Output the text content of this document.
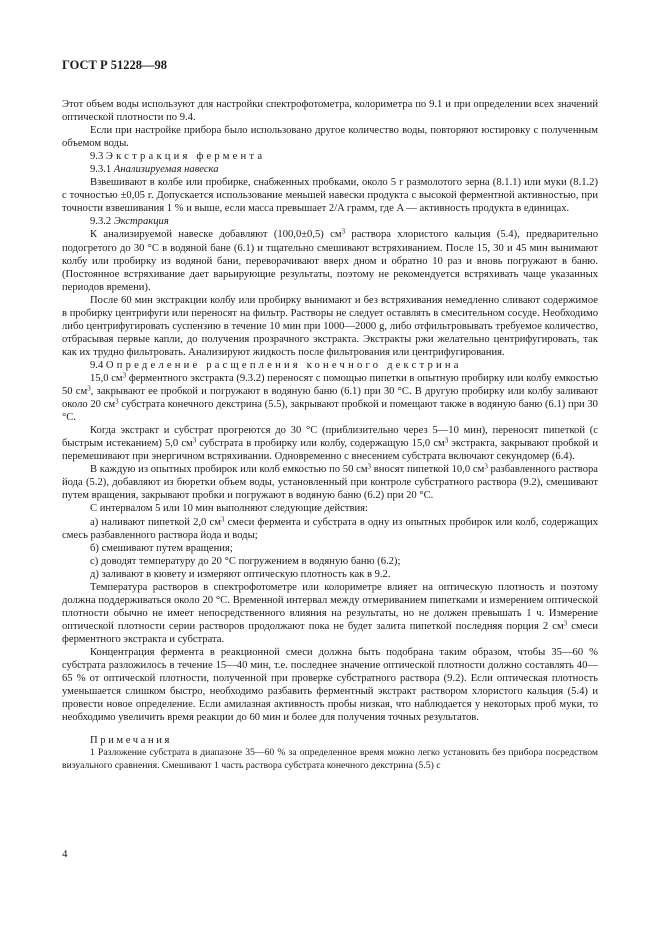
ГОСТ Р 51228—98

Этот объем воды используют для настройки спектрофотометра, колориметра по 9.1 и при определении всех значений оптической плотности по 9.4.

Если при настройке прибора было использовано другое количество воды, повторяют юстировку с полученным объемом воды.

9.3 Экстракция фермента

9.3.1 Анализируемая навеска

Взвешивают в колбе или пробирке, снабженных пробками, около 5 г размолотого зерна (8.1.1) или муки (8.1.2) с точностью ±0,05 г. Допускается использование меньшей навески продукта с высокой ферментной активностью, при точности взвешивания 1 % и выше, если масса превышает 2/A грамм, где A — активность продукта в единицах.

9.3.2 Экстракция

К анализируемой навеске добавляют (100,0±0,5) $см^3$ раствора хлористого кальция (5.4), предварительно подогретого до 30 °С в водяной бане (6.1) и тщательно смешивают встряхиванием. После 15, 30 и 45 мин вынимают колбу или пробирку из водяной бани, переворачивают вверх дном и обратно 10 раз и вновь погружают в баню. (Постоянное встряхивание дает варьирующие результаты, поэтому не рекомендуется встряхивать чаще указанных периодов времени).

После 60 мин экстракции колбу или пробирку вынимают и без встряхивания немедленно сливают содержимое в пробирку центрифуги или переносят на фильтр. Растворы не следует оставлять в смесительном сосуде. Необходимо либо центрифугировать суспензию в течение 10 мин при 1000—2000 g, либо отфильтровывать требуемое количество, отбрасывая первые капли, до получения прозрачного экстракта. Экстракты ржи желательно центрифугировать, так как их трудно фильтровать. Анализируют жидкость после фильтрования или центрифугирования.

9.4 Определение расщепления конечного декстрина

15,0 $см^3$ ферментного экстракта (9.3.2) переносят с помощью пипетки в опытную пробирку или колбу емкостью 50 $см^3$, закрывают ее пробкой и погружают в водяную баню (6.1) при 30 °С. В другую пробирку или колбу заливают около 20 $см^3$ субстрата конечного декстрина (5.5), закрывают пробкой и помещают также в водяную баню (6.1) при 30 °С.

Когда экстракт и субстрат прогреются до 30 °С (приблизительно через 5—10 мин), переносят пипеткой (с быстрым истеканием) 5,0 $см^3$ субстрата в пробирку или колбу, содержащую 15,0 $см^3$ экстракта, закрывают пробкой и перемешивают при энергичном встряхивании. Одновременно с внесением субстрата включают секундомер (6.4).

В каждую из опытных пробирок или колб емкостью по 50 $см^3$ вносят пипеткой 10,0 $см^3$ разбавленного раствора йода (5.2), добавляют из бюретки объем воды, установленный при контроле субстратного раствора (9.2), смешивают путем вращения, закрывают пробки и погружают в водяную баню (6.2) при 20 °С.

С интервалом 5 или 10 мин выполняют следующие действия:

а) наливают пипеткой 2,0 $см^3$ смеси фермента и субстрата в одну из опытных пробирок или колб, содержащих смесь разбавленного раствора йода и воды;

б) смешивают путем вращения;

с) доводят температуру до 20 °С погружением в водяную баню (6.2);

д) заливают в кювету и измеряют оптическую плотность как в 9.2.

Температура растворов в спектрофотометре или колориметре влияет на оптическую плотность и поэтому должна поддерживаться около 20 °С. Временной интервал между отмериванием пипетками и измерением оптической плотности обычно не имеет непосредственного влияния на результаты, но не должен превышать 1 ч. Измерение оптической плотности серии растворов продолжают пока не будет залита пипеткой последняя порция 2 $см^3$ смеси ферментного экстракта и субстрата.

Концентрация фермента в реакционной смеси должна быть подобрана таким образом, чтобы 35—60 % субстрата разложилось в течение 15—40 мин, т.е. последнее значение оптической плотности должно составлять 40—65 % от оптической плотности, полученной при проверке субстратного раствора (9.2). Если оптическая плотность уменьшается слишком быстро, необходимо разбавить ферментный экстракт раствором хлористого кальция (5.4) и провести новое определение. Если амилазная активность пробы низкая, что наблюдается у некоторых проб муки, то необходимо увеличить время реакции до 60 мин и более для получения точных результатов.

Примечания

1 Разложение субстрата в диапазоне 35—60 % за определенное время можно легко установить без прибора посредством визуального сравнения. Смешивают 1 часть раствора субстрата конечного декстрина (5.5) с

4
